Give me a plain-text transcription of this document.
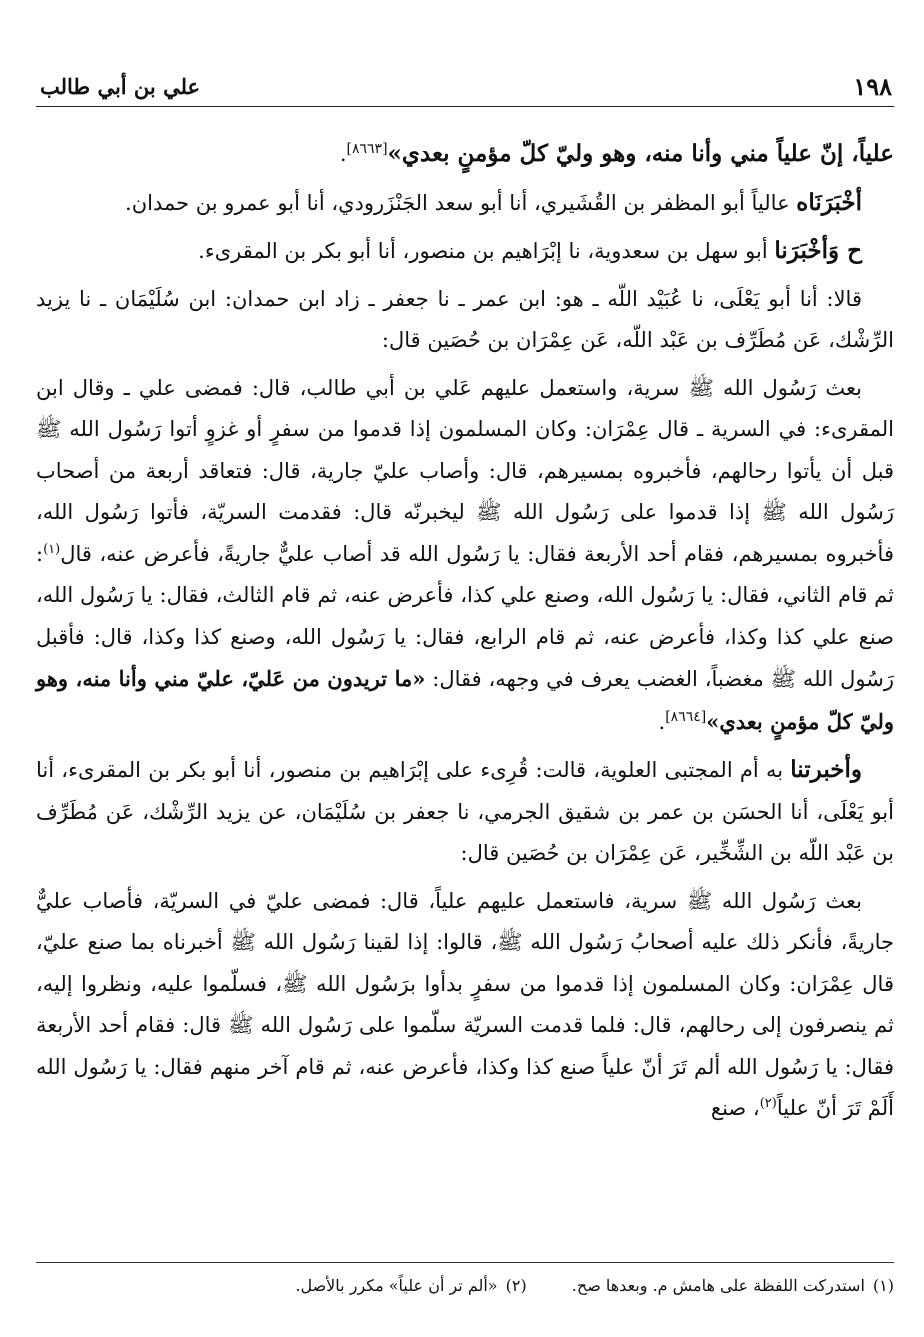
١٩٨
علي بن أبي طالب

علياً، إنّ علياً مني وأنا منه، وهو وليّ كلّ مؤمنٍ بعدي»[٨٦٦٣].

أخْبَرَنَاه عالياً أبو المظفر بن القُشَيري، أنا أبو سعد الجَنْزَرودي، أنا أبو عمرو بن حمدان.

ح وَأخْبَرَنا أبو سهل بن سعدوية، نا إبْرَاهيم بن منصور، أنا أبو بكر بن المقرىء.

قالا: أنا أبو يَعْلَى، نا عُبَيْد اللّه ـ هو: ابن عمر ـ نا جعفر ـ زاد ابن حمدان: ابن سُلَيْمَان ـ نا يزيد الرِّشْك، عَن مُطَرِّف بن عَبْد اللّه، عَن عِمْرَان بن حُصَين قال:

بعث رَسُول الله ﷺ سرية، واستعمل عليهم عَلي بن أبي طالب، قال: فمضى علي ـ وقال ابن المقرىء: في السرية ـ قال عِمْرَان: وكان المسلمون إذا قدموا من سفرٍ أو غزوٍ أتوا رَسُول الله ﷺ قبل أن يأتوا رحالهم، فأخبروه بمسيرهم، قال: وأصاب عليّ جارية، قال: فتعاقد أربعة من أصحاب رَسُول الله ﷺ إذا قدموا على رَسُول الله ﷺ ليخبرنّه قال: فقدمت السريّة، فأتوا رَسُول الله، فأخبروه بمسيرهم، فقام أحد الأربعة فقال: يا رَسُول الله قد أصاب عليٌّ جاريةً، فأعرض عنه، قال$^{(١)}$: ثم قام الثاني، فقال: يا رَسُول الله، وصنع علي كذا، فأعرض عنه، ثم قام الثالث، فقال: يا رَسُول الله، صنع علي كذا وكذا، فأعرض عنه، ثم قام الرابع، فقال: يا رَسُول الله، وصنع كذا وكذا، قال: فأقبل رَسُول الله ﷺ مغضباً، الغضب يعرف في وجهه، فقال: «ما تريدون من عَليّ، عليّ مني وأنا منه، وهو وليّ كلّ مؤمنٍ بعدي»[٨٦٦٤].

وأخبرتنا به أم المجتبى العلوية، قالت: قُرِىء على إبْرَاهيم بن منصور، أنا أبو بكر بن المقرىء، أنا أبو يَعْلَى، أنا الحسَن بن عمر بن شقيق الجرمي، نا جعفر بن سُلَيْمَان، عن يزيد الرِّشْك، عَن مُطَرِّف بن عَبْد اللّه بن الشِّخِّير، عَن عِمْرَان بن حُصَين قال:

بعث رَسُول الله ﷺ سرية، فاستعمل عليهم علياً، قال: فمضى عليّ في السريّة، فأصاب عليٌّ جاريةً، فأنكر ذلك عليه أصحابُ رَسُول الله ﷺ، قالوا: إذا لقينا رَسُول الله ﷺ أخبرناه بما صنع عليّ، قال عِمْرَان: وكان المسلمون إذا قدموا من سفرٍ بدأوا برَسُول الله ﷺ، فسلّموا عليه، ونظروا إليه، ثم ينصرفون إلى رحالهم، قال: فلما قدمت السريّة سلّموا على رَسُول الله ﷺ قال: فقام أحد الأربعة فقال: يا رَسُول الله ألم تَرَ أنّ علياً صنع كذا وكذا، فأعرض عنه، ثم قام آخر منهم فقال: يا رَسُول الله أَلَمْ تَرَ أنّ علياً$^{(٢)}$، صنع

(١)استدركت اللفظة على هامش م. وبعدها صح. (٢)«ألم تر أن علياً» مكرر بالأصل.
